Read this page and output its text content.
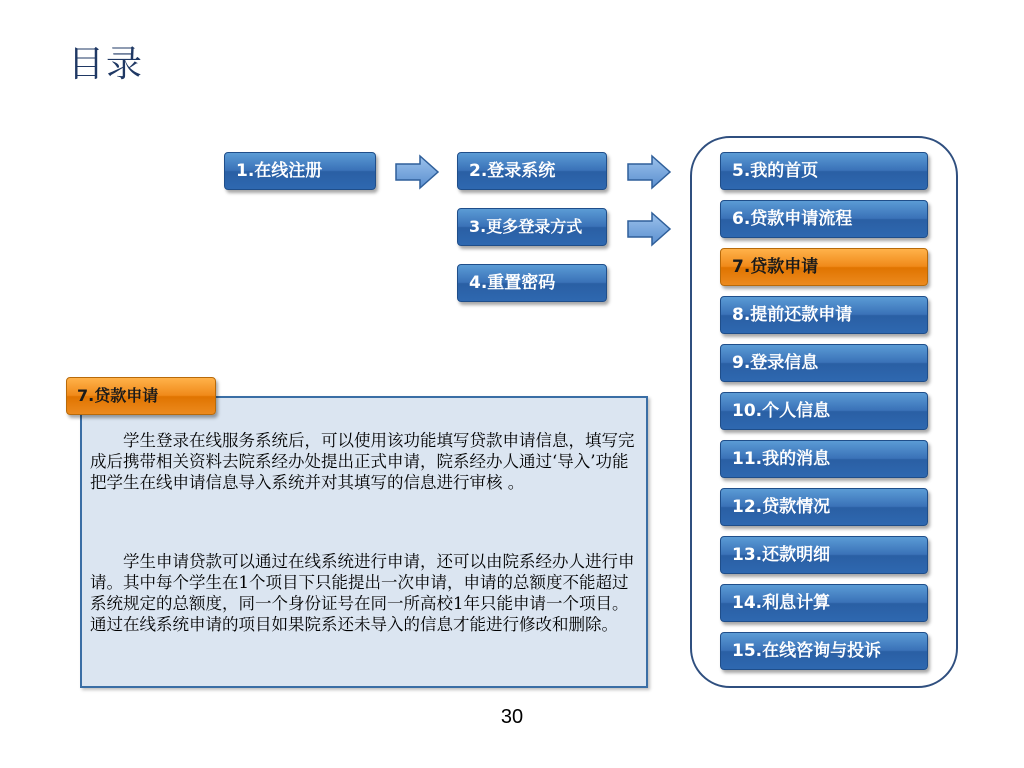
目录
1.在线注册	2.登录系统
3.更多登录方式
4.重置密码
5.我的首页
6.贷款申请流程
7.贷款申请
8.提前还款申请
9.登录信息
10.个人信息
11.我的消息
12.贷款情况
13.还款明细
14.利息计算
15.在线咨询与投诉
7.贷款申请
学生登录在线服务系统后，可以使用该功能填写贷款申请信息，填写完成后携带相关资料去院系经办处提出正式申请，院系经办人通过‘导入’功能把学生在线申请信息导入系统并对其填写的信息进行审核 。
学生申请贷款可以通过在线系统进行申请，还可以由院系经办人进行申请。其中每个学生在1个项目下只能提出一次申请，申请的总额度不能超过系统规定的总额度，同一个身份证号在同一所高校1年只能申请一个项目。通过在线系统申请的项目如果院系还未导入的信息才能进行修改和删除。
30
